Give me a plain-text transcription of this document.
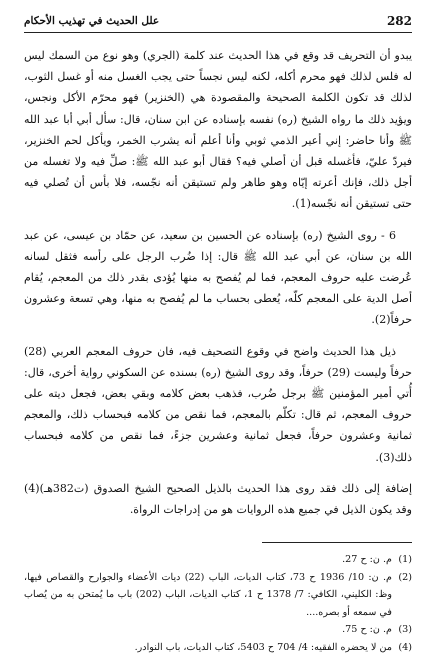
282
علل الحديث في تهذيب الأحكام

يبدو أن التحريف قد وقع في هذا الحديث عند كلمة (الجري) وهو نوع من السمك ليس له فلس لذلك فهو محرم أكله، لكنه ليس نجساً حتى يجب الغسل منه أو غسل الثوب، لذلك قد تكون الكلمة الصحيحة والمقصودة هي (الخنزير) فهو محرّم الأكل ونجس، ويؤيد ذلك ما رواه الشيخ (ره) نفسه بإسناده عن ابن سنان، قال: سأل أبي أبا عبد الله ﷺ وأنا حاضر: إني أعير الذمي ثوبي وأنا أعلم أنه يشرب الخمر، ويأكل لحم الخنزير، فيردّ عليّ، فأغسله قبل أن أصلي فيه؟ فقال أبو عبد الله ﷺ: صلِّ فيه ولا تغسله من أجل ذلك، فإنك أعرته إيّاه وهو طاهر ولم تستيقن أنه نجّسه، فلا بأس أن تُصلي فيه حتى تستيقن أنه نجّسه(1).

6 - روى الشيخ (ره) بإسناده عن الحسين بن سعيد، عن حمّاد بن عيسى، عن عبد الله بن سنان، عن أبي عبد الله ﷺ قال: إذا ضُرب الرجل على رأسه فثقل لسانه عُرضت عليه حروف المعجم، فما لم يُفصح به منها يُؤدى بقدر ذلك من المعجم، يُقام أصل الدية على المعجم كلّه، يُعطى بحساب ما لم يُفصح به منها، وهي تسعة وعشرون حرفاً(2).

ذيل هذا الحديث واضح في وقوع التصحيف فيه، فان حروف المعجم العربي (28) حرفاً وليست (29) حرفاً، وقد روى الشيخ (ره) بسنده عن السكوني رواية أخرى، قال: أُتي أمير المؤمنين ﷺ برجل ضُرب، فذهب بعض كلامه وبقي بعض، فجعل ديته على حروف المعجم، ثم قال: تكلّم بالمعجم، فما نقص من كلامه فبحساب ذلك، والمعجم ثمانية وعشرون حرفاً، فجعل ثمانية وعشرين جزءً، فما نقص من كلامه فبحساب ذلك(3).

إضافة إلى ذلك فقد روى هذا الحديث بالذيل الصحيح الشيخ الصدوق (ت382هـ)(4) وقد يكون الذيل في جميع هذه الروايات هو من إدراجات الرواة.

(1)
م. ن: ح 27.
(2)
م. ن: 10/ 1936 ح 73، كتاب الديات، الباب (22) ديات الأعضاء والجوارح والقصاص فيها، وظ: الكليني، الكافي: 7/ 1378 ح 1، كتاب الديات، الباب (202) باب ما يُمتحن به من يُصاب في سمعه أو بصره....
(3)
م. ن: ح 75.
(4)
من لا يحضره الفقيه: 4/ 704 ح 5403، كتاب الديات، باب النوادر.
